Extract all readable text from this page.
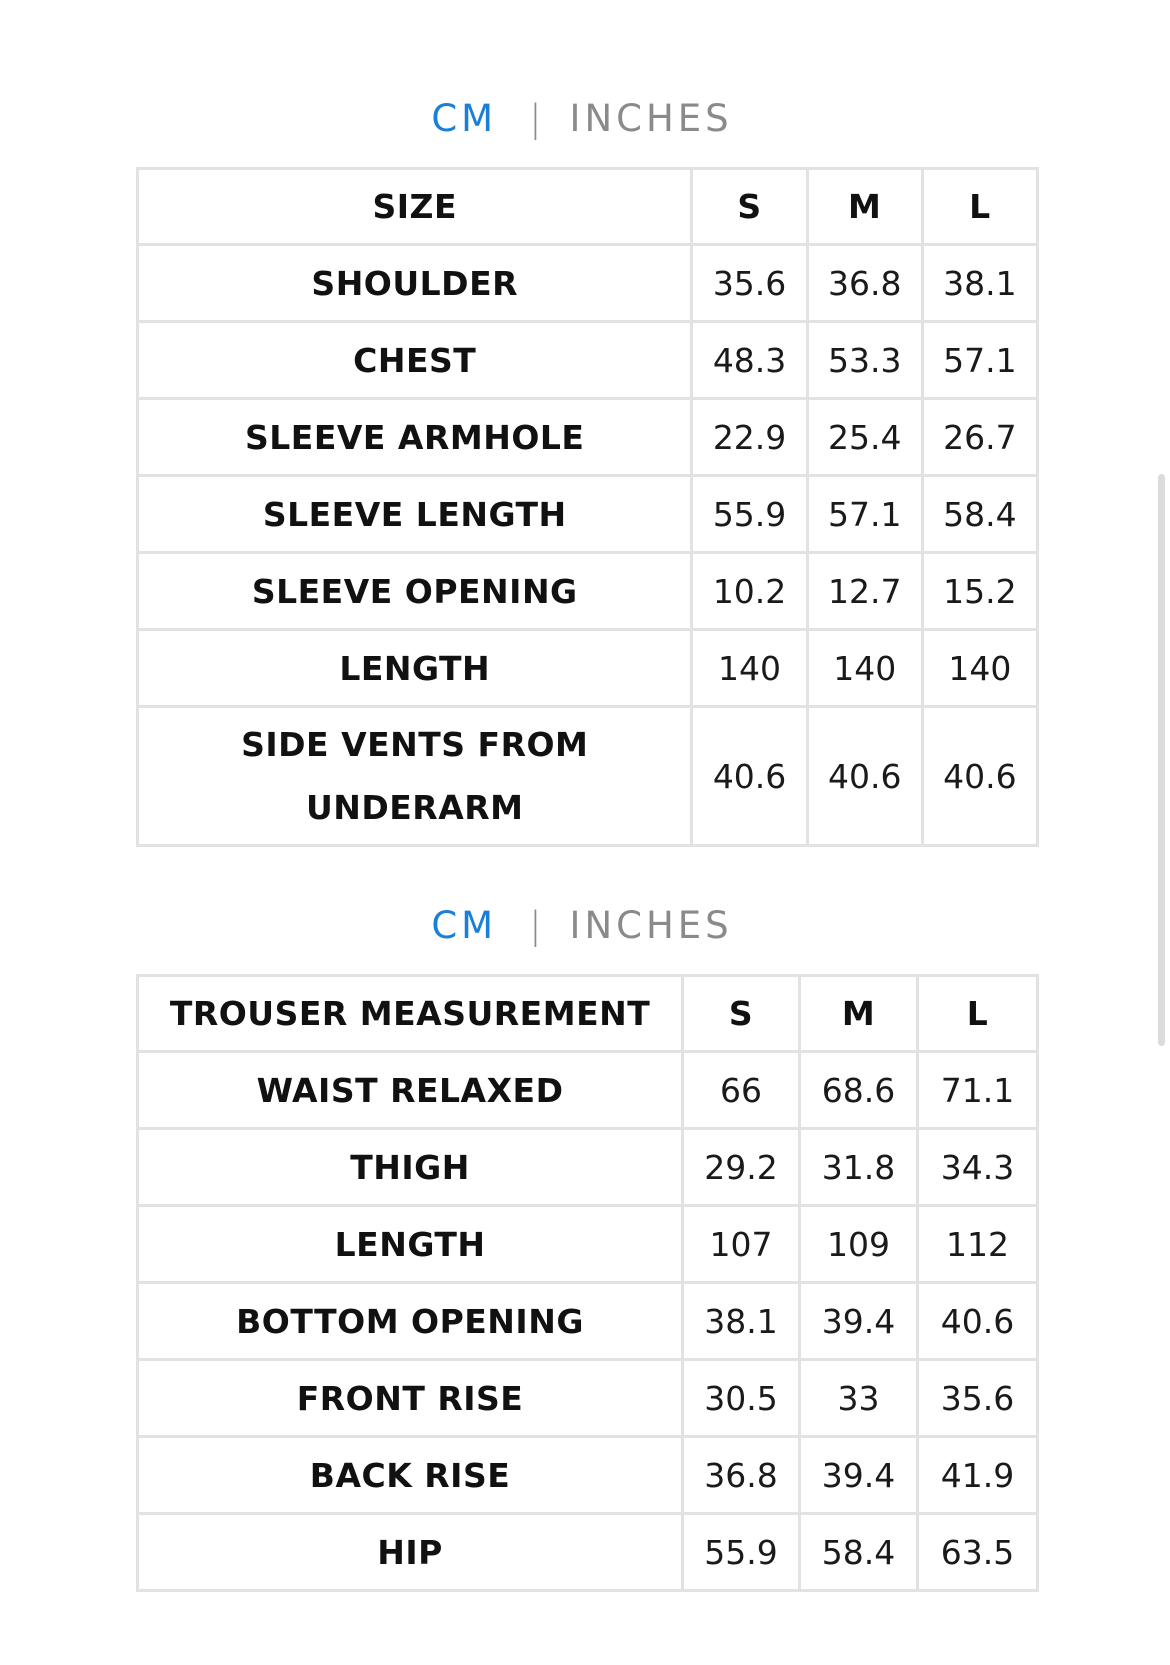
CM | INCHES
SIZE	S	M	L
SHOULDER	35.6	36.8	38.1
CHEST	48.3	53.3	57.1
SLEEVE ARMHOLE	22.9	25.4	26.7
SLEEVE LENGTH	55.9	57.1	58.4
SLEEVE OPENING	10.2	12.7	15.2
LENGTH	140	140	140

SIDE VENTS FROM
UNDERARM	40.6	40.6	40.6
CM | INCHES
TROUSER MEASUREMENT	S	M	L
WAIST RELAXED	66	68.6	71.1
THIGH	29.2	31.8	34.3
LENGTH	107	109	112
BOTTOM OPENING	38.1	39.4	40.6
FRONT RISE	30.5	33	35.6
BACK RISE	36.8	39.4	41.9
HIP	55.9	58.4	63.5
